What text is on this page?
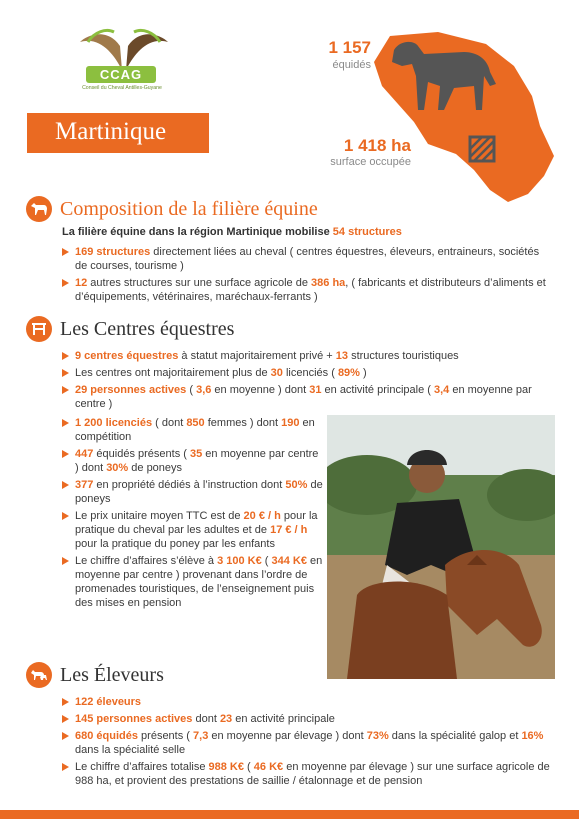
CCAG
Conseil du Cheval Antilles-Guyane
Martinique
1 157
équidés
1 418 ha
surface occupée
Composition de la filière équine
La filière équine dans la région Martinique mobilise 54 structures
169 structures directement liées au cheval ( centres équestres, éleveurs, entraineurs, sociétés de courses, tourisme )
12 autres structures sur une surface agricole de 386 ha, ( fabricants et distributeurs d’aliments et d’équipements, vétérinaires, maréchaux-ferrants )
Les Centres équestres
9 centres équestres à statut majoritairement privé + 13 structures touristiques
Les centres ont majoritairement plus de 30 licenciés ( 89% )
29 personnes actives ( 3,6 en moyenne ) dont 31 en activité principale ( 3,4 en moyenne par centre )
1 200 licenciés ( dont 850 femmes ) dont 190 en compétition
447 équidés présents ( 35 en moyenne par centre ) dont 30% de poneys
377 en propriété dédiés à l’instruction dont 50% de poneys
Le prix unitaire moyen TTC est de 20 € / h pour la pratique du cheval par les adultes et de 17 € / h pour la pratique du poney par les enfants
Le chiffre d’affaires s’élève à 3 100 K€ ( 344 K€ en moyenne par centre ) provenant dans l’ordre de promenades touristiques, de l’enseignement puis des mises en pension
Les Éleveurs
122 éleveurs
145 personnes actives dont 23 en activité principale
680 équidés présents ( 7,3 en moyenne par élevage ) dont 73% dans la spécialité galop et 16% dans la spécialité selle
Le chiffre d’affaires totalise 988 K€ ( 46 K€ en moyenne par élevage ) sur une surface agricole de 988 ha, et provient des prestations de saillie / étalonnage et de pension
